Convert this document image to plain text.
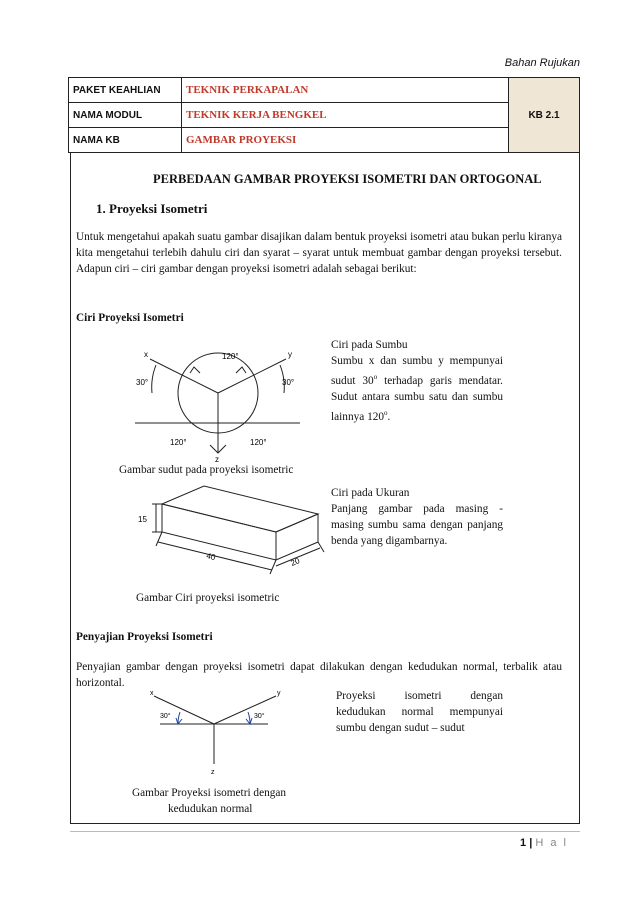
Bahan Rujukan
PAKET KEAHLIAN	TEKNIK PERKAPALAN	KB 2.1
NAMA MODUL	TEKNIK KERJA BENGKEL	
NAMA KB	GAMBAR PROYEKSI	
PERBEDAAN GAMBAR PROYEKSI ISOMETRI DAN ORTOGONAL
1. Proyeksi Isometri
Untuk mengetahui apakah suatu gambar disajikan dalam bentuk proyeksi isometri atau bukan perlu kiranya kita mengetahui terlebih dahulu ciri dan syarat – syarat untuk membuat gambar dengan proyeksi tersebut. Adapun ciri – ciri gambar dengan proyeksi isometri adalah sebagai berikut:
Ciri Proyeksi Isometri
x	y
z
30°	30°
120°
120°	120°
Ciri pada Sumbu
Sumbu x dan sumbu y mempunyai sudut 30$^o$ terhadap garis mendatar. Sudut antara sumbu satu dan sumbu lainnya 120$^o$.
Gambar sudut pada proyeksi isometric
15
40	20
Ciri pada Ukuran
Panjang gambar pada masing - masing sumbu sama dengan panjang benda yang digambarnya.
Gambar Ciri proyeksi isometric
Penyajian Proyeksi Isometri
Penyajian gambar dengan proyeksi isometri dapat dilakukan dengan kedudukan normal, terbalik atau horizontal.
x	y
z
30°	30°
Proyeksi isometri dengan kedudukan normal mempunyai sumbu dengan sudut – sudut
Gambar Proyeksi isometri dengan
kedudukan normal
1 | H a l
